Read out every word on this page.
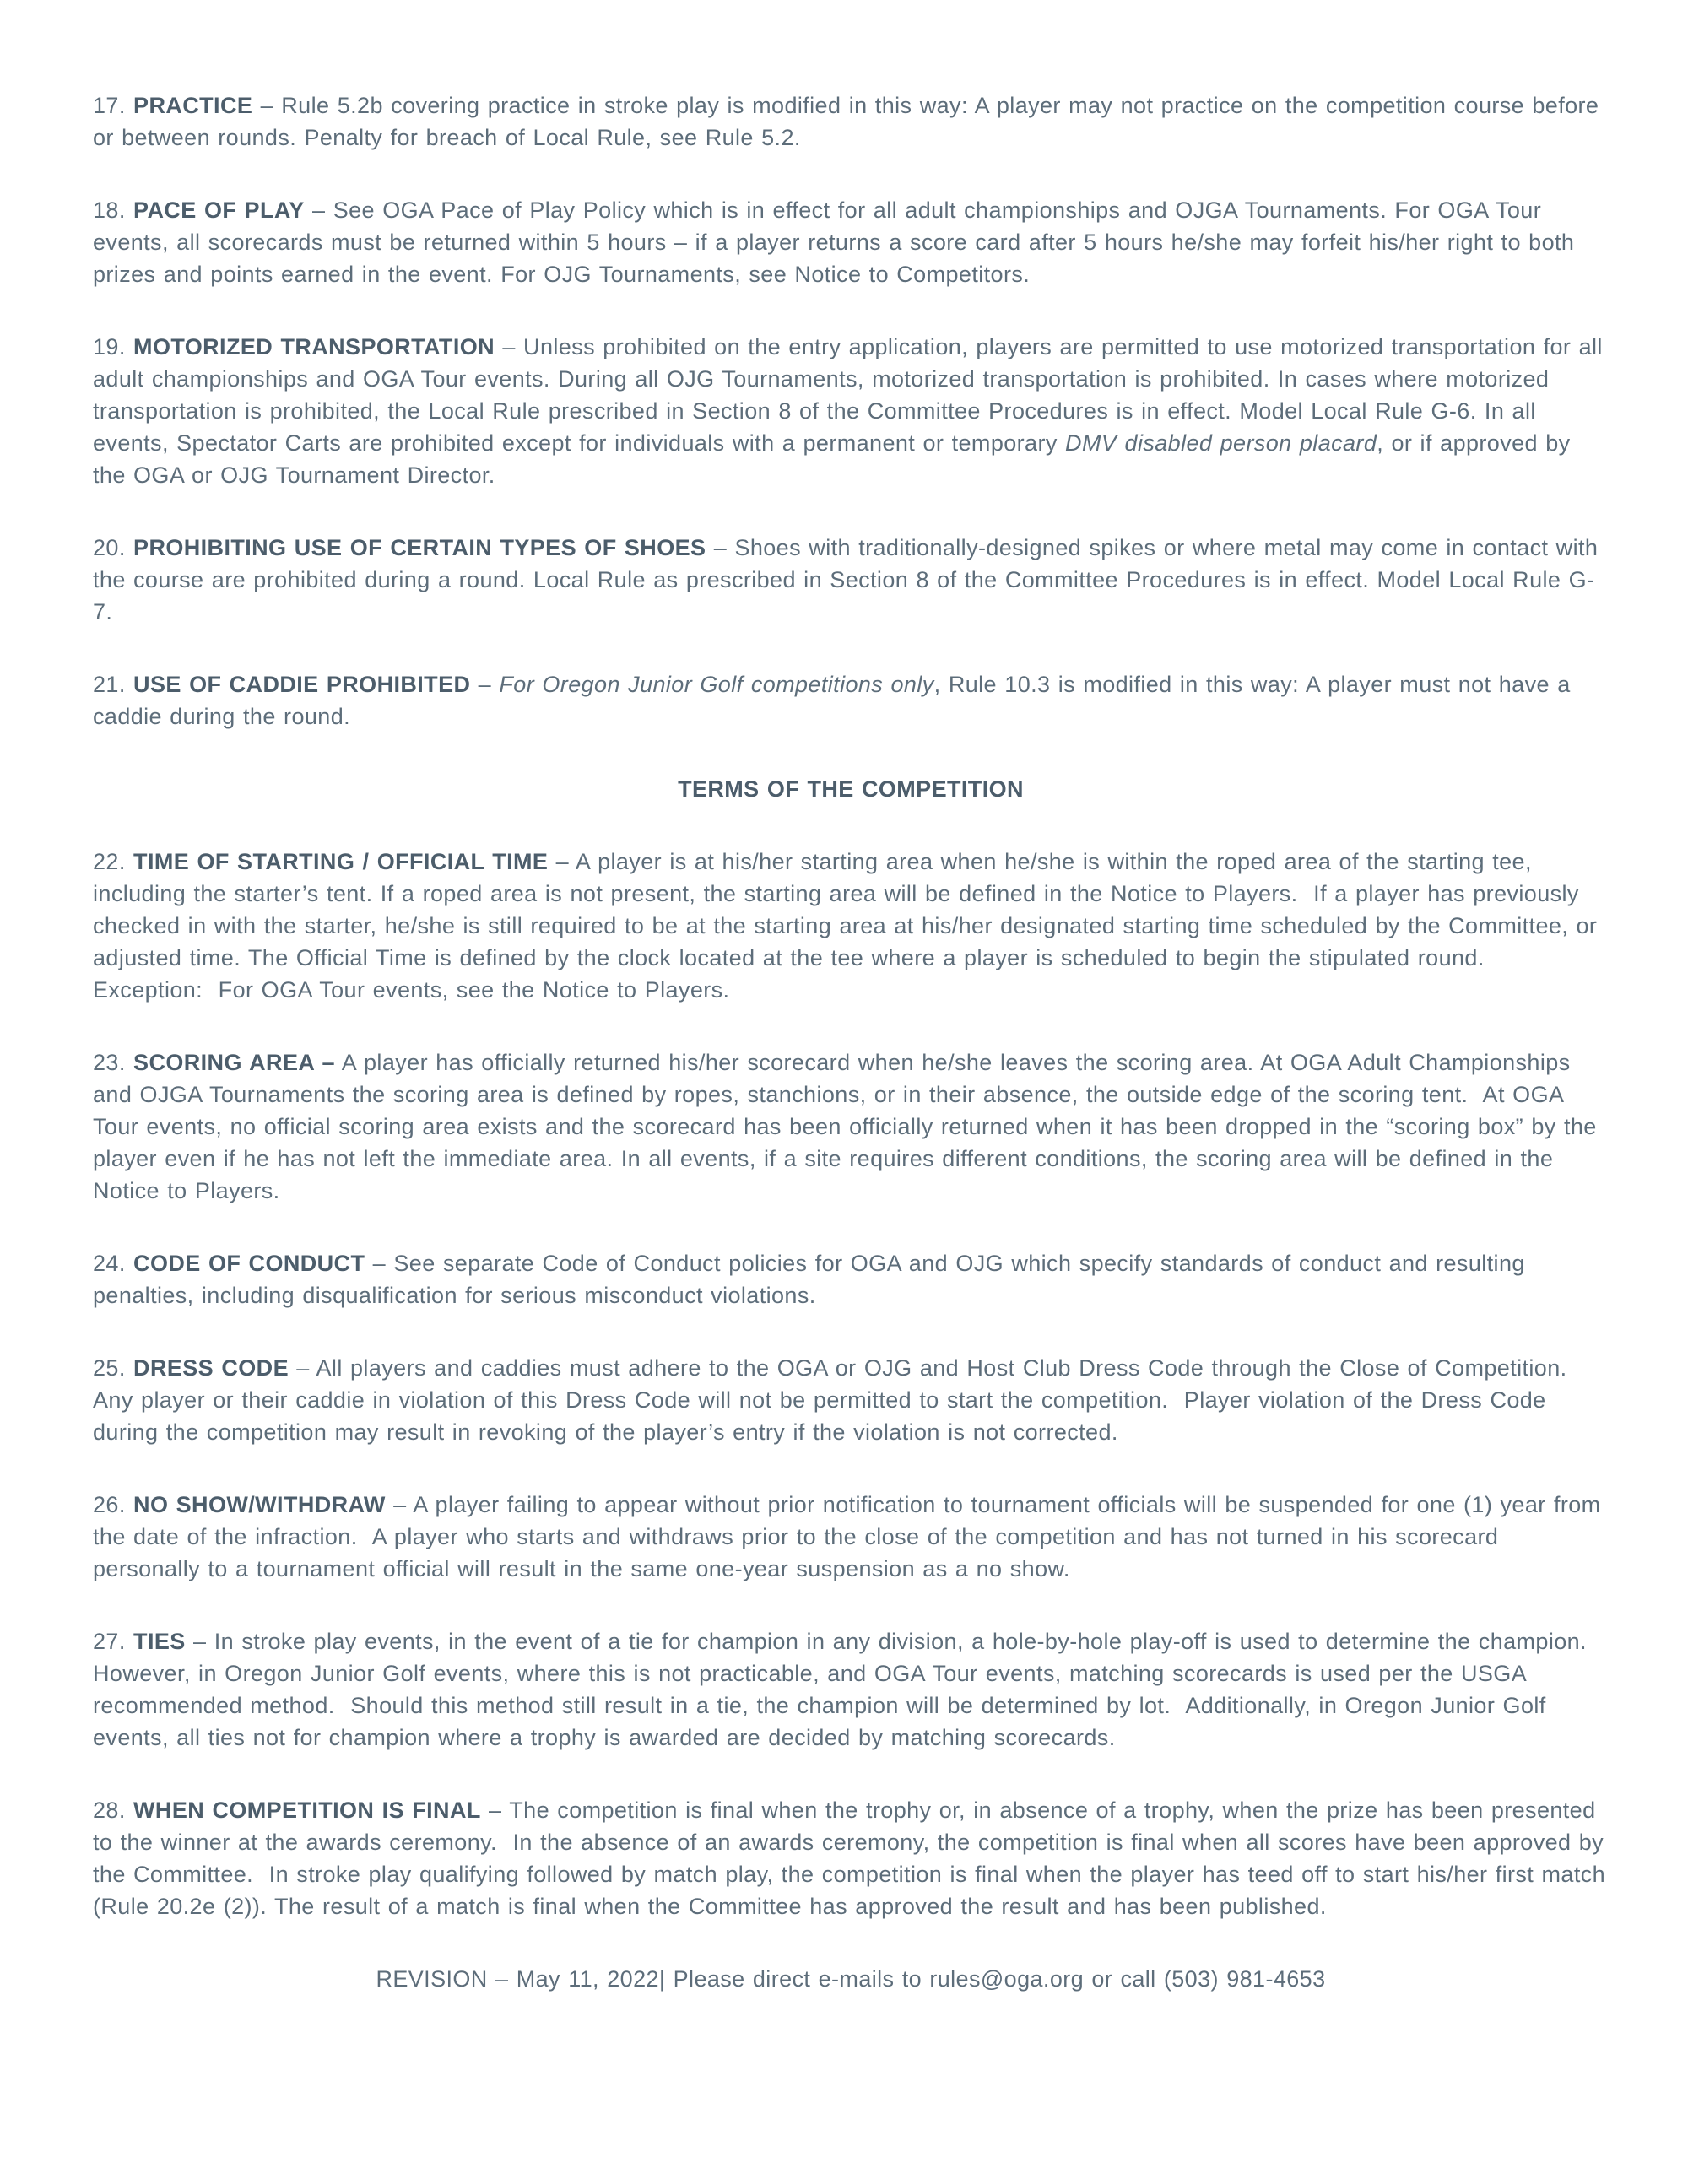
17. PRACTICE – Rule 5.2b covering practice in stroke play is modified in this way: A player may not practice on the competition course before or between rounds. Penalty for breach of Local Rule, see Rule 5.2.

18. PACE OF PLAY – See OGA Pace of Play Policy which is in effect for all adult championships and OJGA Tournaments. For OGA Tour events, all scorecards must be returned within 5 hours – if a player returns a score card after 5 hours he/she may forfeit his/her right to both prizes and points earned in the event. For OJG Tournaments, see Notice to Competitors.

19. MOTORIZED TRANSPORTATION – Unless prohibited on the entry application, players are permitted to use motorized transportation for all adult championships and OGA Tour events. During all OJG Tournaments, motorized transportation is prohibited. In cases where motorized transportation is prohibited, the Local Rule prescribed in Section 8 of the Committee Procedures is in effect. Model Local Rule G-6. In all events, Spectator Carts are prohibited except for individuals with a permanent or temporary DMV disabled person placard, or if approved by the OGA or OJG Tournament Director.

20. PROHIBITING USE OF CERTAIN TYPES OF SHOES – Shoes with traditionally-designed spikes or where metal may come in contact with the course are prohibited during a round. Local Rule as prescribed in Section 8 of the Committee Procedures is in effect. Model Local Rule G-7.

21. USE OF CADDIE PROHIBITED – For Oregon Junior Golf competitions only, Rule 10.3 is modified in this way: A player must not have a caddie during the round.

TERMS OF THE COMPETITION

22. TIME OF STARTING / OFFICIAL TIME – A player is at his/her starting area when he/she is within the roped area of the starting tee, including the starter’s tent. If a roped area is not present, the starting area will be defined in the Notice to Players.  If a player has previously checked in with the starter, he/she is still required to be at the starting area at his/her designated starting time scheduled by the Committee, or adjusted time. The Official Time is defined by the clock located at the tee where a player is scheduled to begin the stipulated round.  Exception:  For OGA Tour events, see the Notice to Players.

23. SCORING AREA – A player has officially returned his/her scorecard when he/she leaves the scoring area. At OGA Adult Championships and OJGA Tournaments the scoring area is defined by ropes, stanchions, or in their absence, the outside edge of the scoring tent.  At OGA Tour events, no official scoring area exists and the scorecard has been officially returned when it has been dropped in the “scoring box” by the player even if he has not left the immediate area. In all events, if a site requires different conditions, the scoring area will be defined in the Notice to Players.

24. CODE OF CONDUCT – See separate Code of Conduct policies for OGA and OJG which specify standards of conduct and resulting penalties, including disqualification for serious misconduct violations.

25. DRESS CODE – All players and caddies must adhere to the OGA or OJG and Host Club Dress Code through the Close of Competition.  Any player or their caddie in violation of this Dress Code will not be permitted to start the competition.  Player violation of the Dress Code during the competition may result in revoking of the player’s entry if the violation is not corrected.

26. NO SHOW/WITHDRAW – A player failing to appear without prior notification to tournament officials will be suspended for one (1) year from the date of the infraction.  A player who starts and withdraws prior to the close of the competition and has not turned in his scorecard personally to a tournament official will result in the same one-year suspension as a no show.

27. TIES – In stroke play events, in the event of a tie for champion in any division, a hole-by-hole play-off is used to determine the champion.  However, in Oregon Junior Golf events, where this is not practicable, and OGA Tour events, matching scorecards is used per the USGA recommended method.  Should this method still result in a tie, the champion will be determined by lot.  Additionally, in Oregon Junior Golf events, all ties not for champion where a trophy is awarded are decided by matching scorecards.

28. WHEN COMPETITION IS FINAL – The competition is final when the trophy or, in absence of a trophy, when the prize has been presented to the winner at the awards ceremony.  In the absence of an awards ceremony, the competition is final when all scores have been approved by the Committee.  In stroke play qualifying followed by match play, the competition is final when the player has teed off to start his/her first match (Rule 20.2e (2)). The result of a match is final when the Committee has approved the result and has been published.

REVISION – May 11, 2022| Please direct e-mails to rules@oga.org or call (503) 981-4653
